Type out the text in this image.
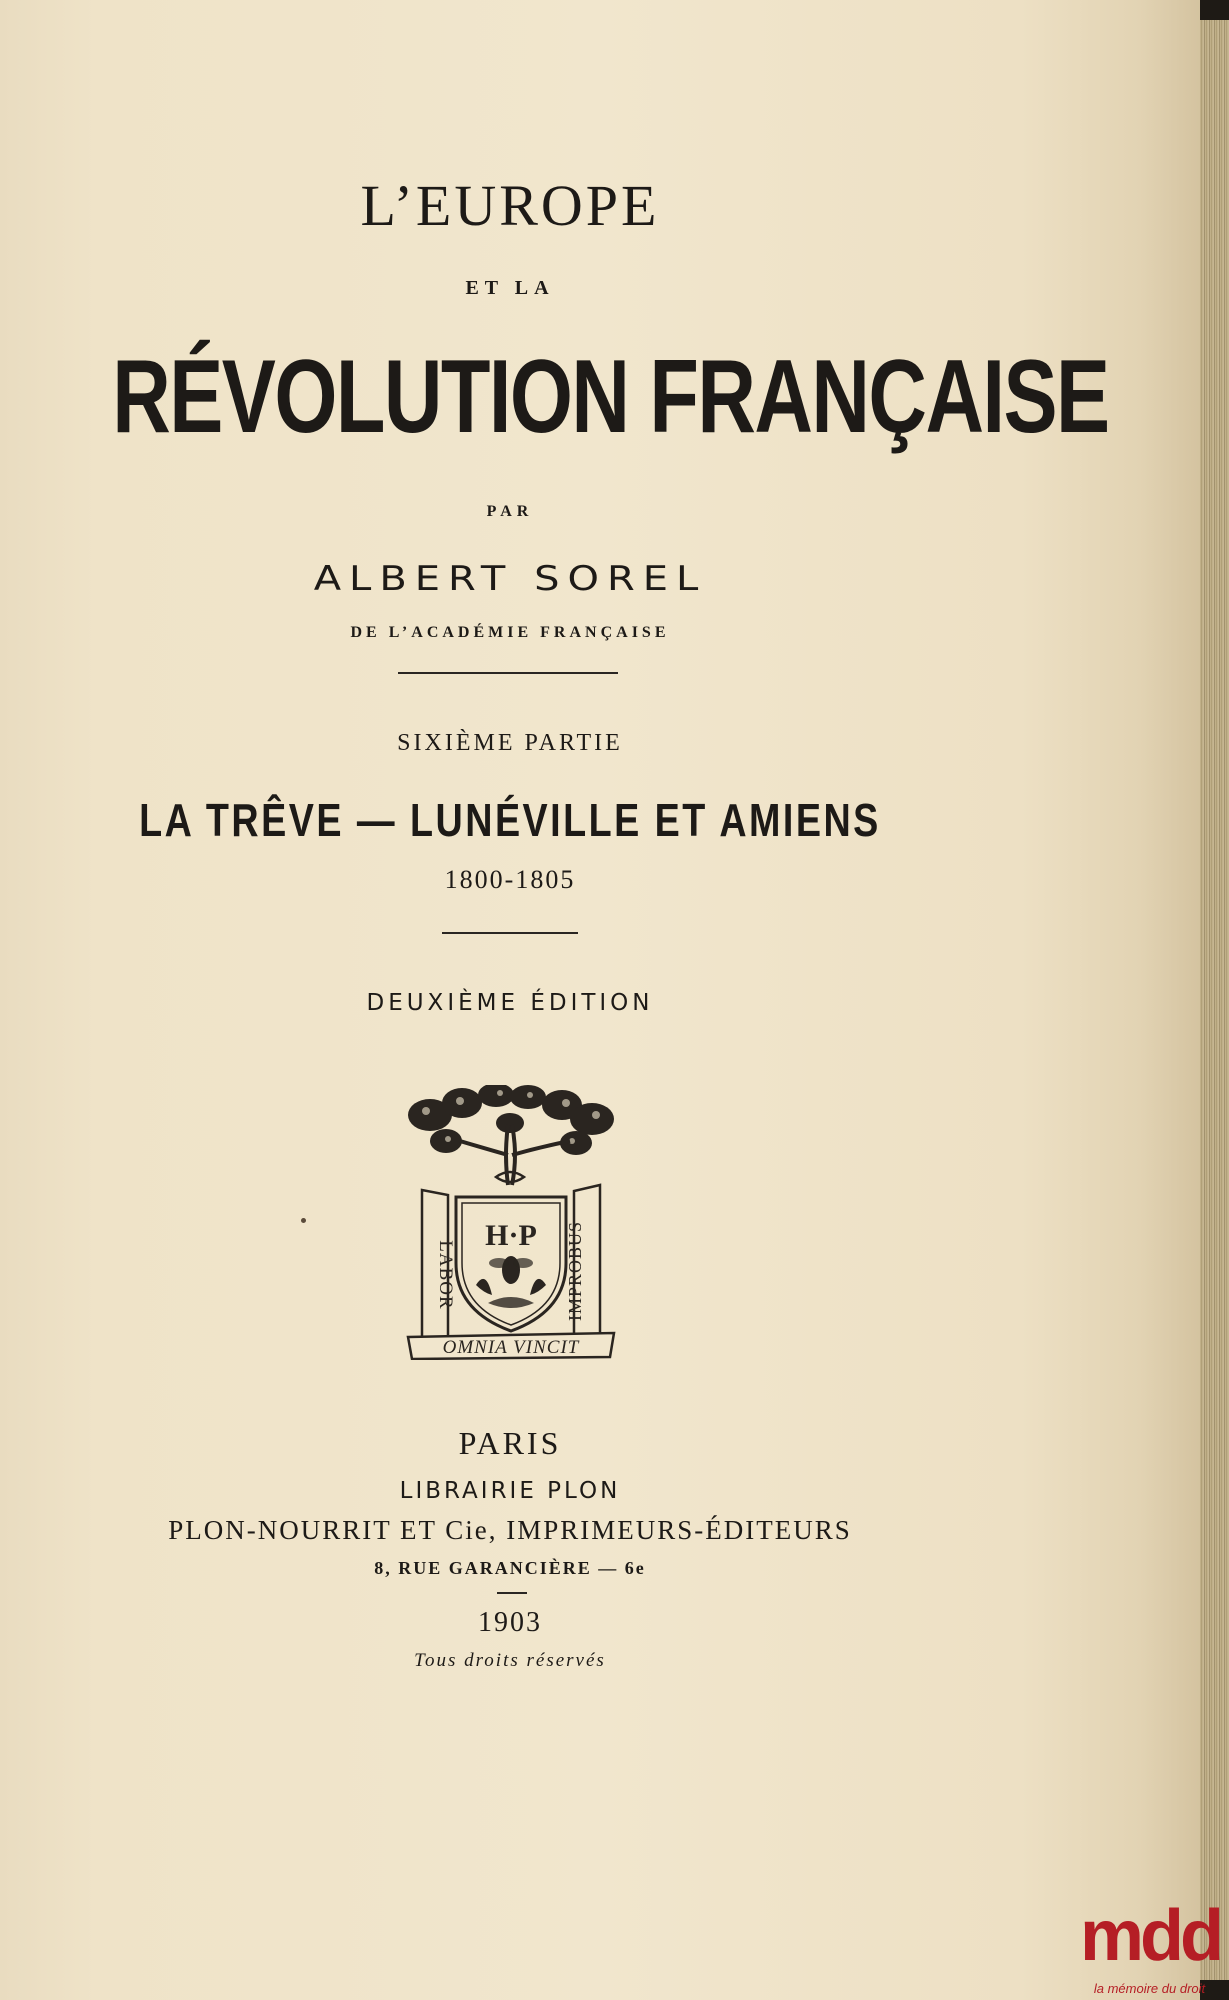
L’EUROPE
ET LA
RÉVOLUTION FRANÇAISE
PAR
ALBERT SOREL
DE L’ACADÉMIE FRANÇAISE
SIXIÈME PARTIE
LA TRÊVE — LUNÉVILLE ET AMIENS
1800-1805
DEUXIÈME ÉDITION
H·P
LABOR	IMPROBUS
OMNIA VINCIT
PARIS
LIBRAIRIE PLON
PLON-NOURRIT ET Cie, IMPRIMEURS-ÉDITEURS
8, RUE GARANCIÈRE — 6e
1903
Tous droits réservés
mdd
la mémoire du droit
